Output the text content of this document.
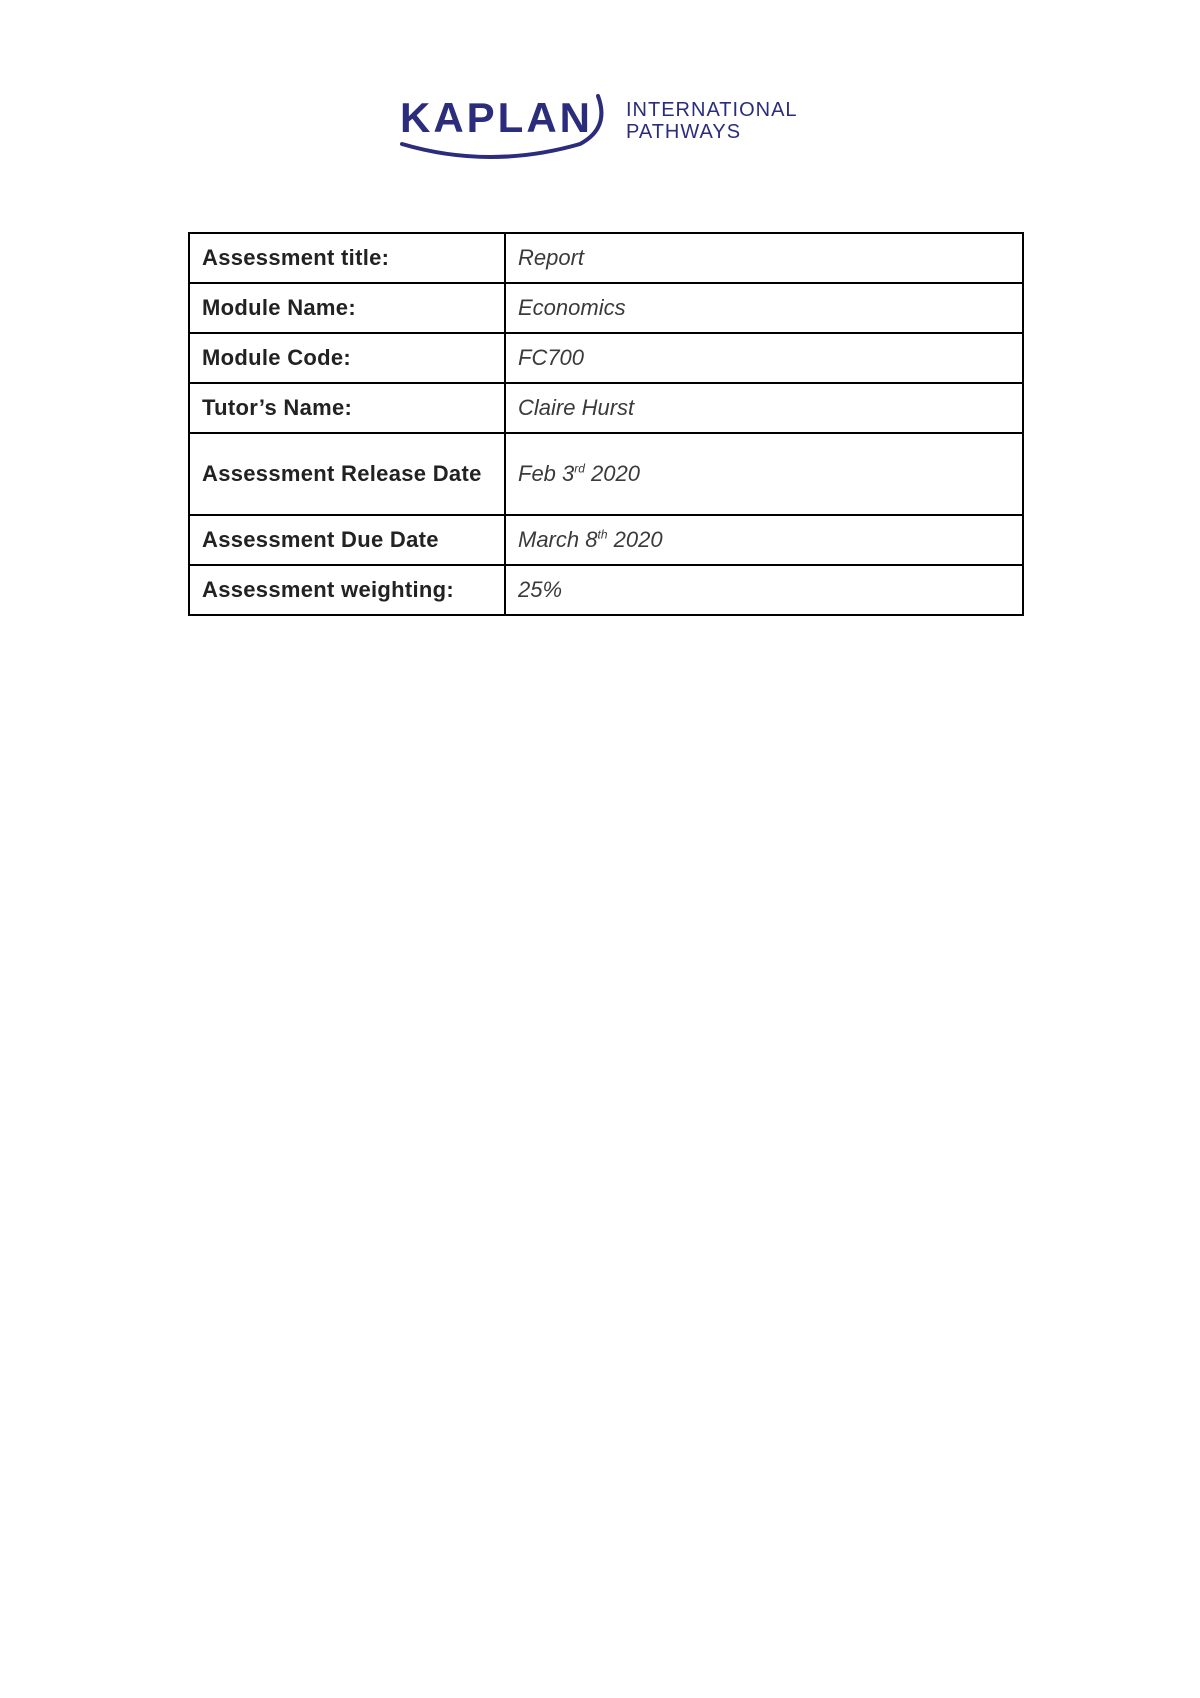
KAPLAN INTERNATIONAL
PATHWAYS
Assessment title:	Report
Module Name:	Economics
Module Code:	FC700
Tutor’s Name:	Claire Hurst
Assessment Release Date	Feb 3rd 2020
Assessment Due Date	March 8th 2020
Assessment weighting:	25%
